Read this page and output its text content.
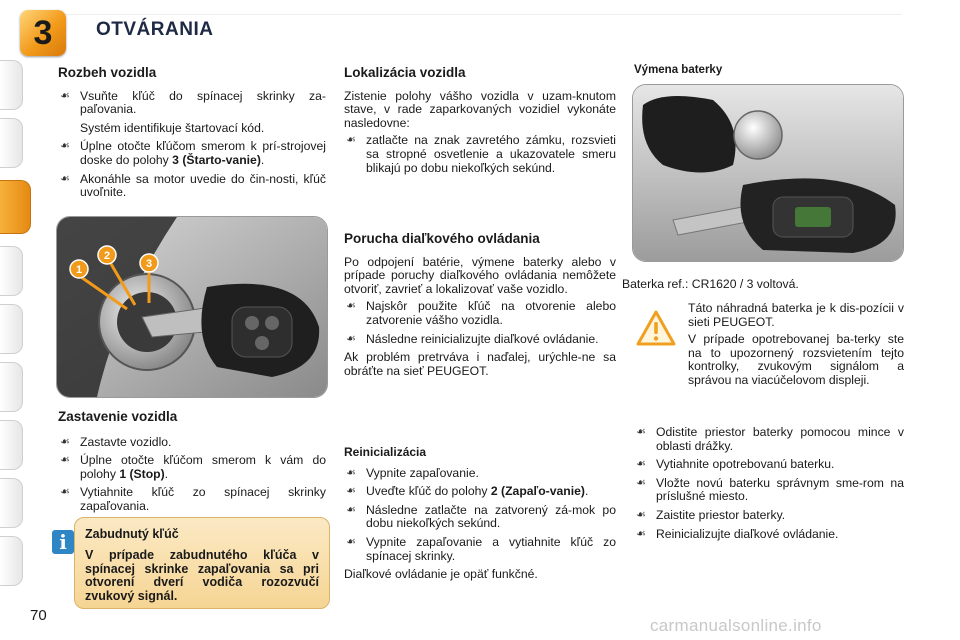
3 OTVÁRANIA
Rozbeh vozidla
☙ Vsuňte kľúč do spínacej skrinky za-paľovania.
Systém identifikuje štartovací kód.
☙ Úplne otočte kľúčom smerom k prí-strojovej doske do polohy 3 (Štarto-vanie).
☙ Akonáhle sa motor uvedie do čin-nosti, kľúč uvoľnite.
1
2
3
Zastavenie vozidla
☙ Zastavte vozidlo.
☙ Úplne otočte kľúčom smerom k vám do polohy 1 (Stop).
☙ Vytiahnite kľúč zo spínacej skrinky zapaľovania.
Zabudnutý kľúč
V prípade zabudnutého kľúča v spínacej skrinke zapaľovania sa pri otvorení dverí vodiča rozozvučí zvukový signál.
i
Lokalizácia vozidla

Zistenie polohy vášho vozidla v uzam-knutom stave, v rade zaparkovaných vozidiel vykonáte nasledovne:

☙ zatlačte na znak zavretého zámku, rozsvieti sa stropné osvetlenie a ukazovatele smeru blikajú po dobu niekoľkých sekúnd.
Porucha diaľkového ovládania

Po odpojení batérie, výmene baterky alebo v prípade poruchy diaľkového ovládania nemôžete otvoriť, zavrieť a lokalizovať vaše vozidlo.

☙ Najskôr použite kľúč na otvorenie alebo zatvorenie vášho vozidla.
☙ Následne reinicializujte diaľkové ovládanie.

Ak problém pretrváva i naďalej, urýchle-ne sa obráťte na sieť PEUGEOT.

Reinicializácia
☙ Vypnite zapaľovanie.
☙ Uveďte kľúč do polohy 2 (Zapaľo-vanie).
☙ Následne zatlačte na zatvorený zá-mok po dobu niekoľkých sekúnd.
☙ Vypnite zapaľovanie a vytiahnite kľúč zo spínacej skrinky.

Diaľkové ovládanie je opäť funkčné.

Výmena baterky
Baterka ref.: CR1620 / 3 voltová.

Táto náhradná baterka je k dis-pozícii v sieti PEUGEOT.

V prípade opotrebovanej ba-terky ste na to upozornený rozsvietením tejto kontrolky, zvukovým signálom a správou na viacúčelovom displeji.

☙ Odistite priestor baterky pomocou mince v oblasti drážky.
☙ Vytiahnite opotrebovanú baterku.
☙ Vložte novú baterku správnym sme-rom na príslušné miesto.
☙ Zaistite priestor baterky.
☙ Reinicializujte diaľkové ovládanie.
70
carmanualsonline.info
